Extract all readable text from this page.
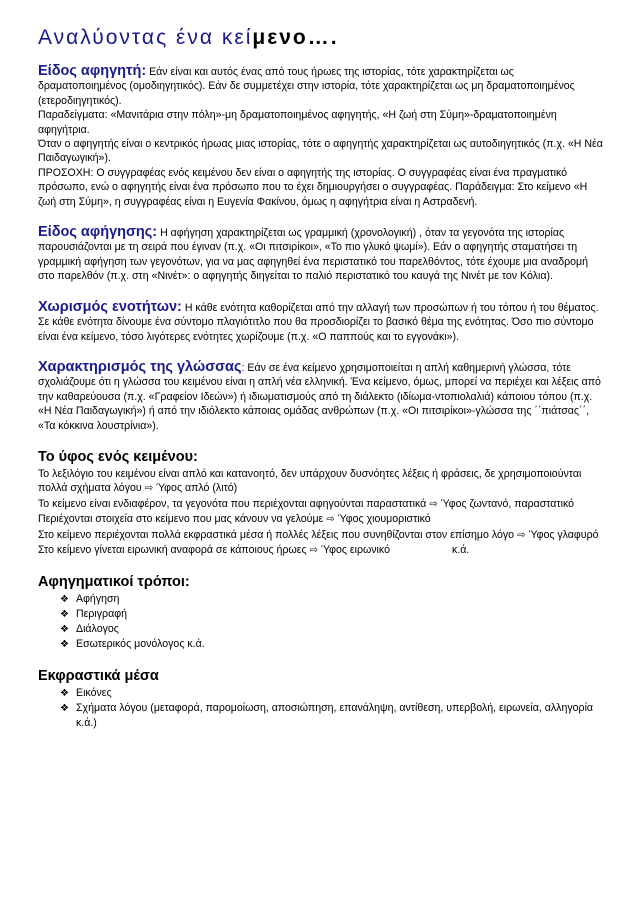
Αναλύοντας ένα κείμενο….

Είδος αφηγητή: Εάν είναι και αυτός ένας από τους ήρωες της ιστορίας, τότε χαρακτηρίζεται ως δραματοποιημένος (ομοδιηγητικός). Εάν δε συμμετέχει στην ιστορία, τότε χαρακτηρίζεται ως μη δραματοποιημένος (ετεροδιηγητικός).

Παραδείγματα: «Μανιτάρια στην πόλη»-μη δραματοποιημένος αφηγητής, «Η ζωή στη Σύμη»-δραματοποιημένη αφηγήτρια.

Όταν ο αφηγητής είναι ο κεντρικός ήρωας μιας ιστορίας, τότε ο αφηγητής χαρακτηρίζεται ως αυτοδιηγητικός (π.χ. «Η Νέα Παιδαγωγική»).

ΠΡΟΣΟΧΗ: Ο συγγραφέας ενός κειμένου δεν είναι ο αφηγητής της ιστορίας. Ο συγγραφέας είναι ένα πραγματικό πρόσωπο, ενώ ο αφηγητής είναι ένα πρόσωπο που το έχει δημιουργήσει ο συγγραφέας. Παράδειγμα: Στο κείμενο «Η ζωή στη Σύμη», η συγγραφέας είναι η Ευγενία Φακίνου, όμως η αφηγήτρια είναι η Αστραδενή.

Είδος αφήγησης: Η αφήγηση χαρακτηρίζεται ως γραμμική (χρονολογική) , όταν τα γεγονότα της ιστορίας παρουσιάζονται με τη σειρά που έγιναν (π.χ. «Οι πιτσιρίκοι», «Το πιο γλυκό ψωμί»). Εάν ο αφηγητής σταματήσει τη γραμμική αφήγηση των γεγονότων, για να μας αφηγηθεί ένα περιστατικό του παρελθόντος, τότε έχουμε μια αναδρομή στο παρελθόν (π.χ. στη «Νινέτ»: ο αφηγητής διηγείται το παλιό περιστατικό του καυγά της Νινέτ με τον Κόλια).

Χωρισμός ενοτήτων: Η κάθε ενότητα καθορίζεται από την αλλαγή των προσώπων ή του τόπου ή του θέματος. Σε κάθε ενότητα δίνουμε ένα σύντομο πλαγιότιτλο που θα προσδιορίζει το βασικό θέμα της ενότητας. Όσο πιο σύντομο είναι ένα κείμενο, τόσο λιγότερες ενότητες χωρίζουμε (π.χ. «Ο παππούς και το εγγονάκι»).

Χαρακτηρισμός της γλώσσας: Εάν σε ένα κείμενο χρησιμοποιείται η απλή καθημερινή γλώσσα, τότε σχολιάζουμε ότι η γλώσσα του κειμένου είναι η απλή νέα ελληνική. Ένα κείμενο, όμως, μπορεί να περιέχει και λέξεις από την καθαρεύουσα (π.χ. «Γραφείον Ιδεών») ή ιδιωματισμούς από τη διάλεκτο (ιδίωμα-ντοπιολαλιά) κάποιου τόπου (π.χ. «Η Νέα Παιδαγωγική») ή από την ιδιόλεκτο κάποιας ομάδας ανθρώπων (π.χ. «Οι πιτσιρίκοι»-γλώσσα της ΄΄πιάτσας΄΄, «Τα κόκκινα λουστρίνια»).

Το ύφος ενός κειμένου:

Το λεξιλόγιο του κειμένου είναι απλό και κατανοητό, δεν υπάρχουν δυσνόητες λέξεις ή φράσεις, δε χρησιμοποιούνται πολλά σχήματα λόγου ⇨ Ύφος απλό (λιτό)

Το κείμενο είναι ενδιαφέρον, τα γεγονότα που περιέχονται αφηγούνται παραστατικά ⇨ Ύφος ζωντανό, παραστατικό

Περιέχονται στοιχεία στο κείμενο που μας κάνουν να γελούμε ⇨ Ύφος χιουμοριστικό

Στο κείμενο περιέχονται πολλά εκφραστικά μέσα ή πολλές λέξεις που συνηθίζονται στον επίσημο λόγο ⇨ Ύφος γλαφυρό

Στο κείμενο γίνεται ειρωνική αναφορά σε κάποιους ήρωες ⇨ Ύφος ειρωνικό	κ.ά.

Αφηγηματικοί τρόποι:
❖ Αφήγηση
❖ Περιγραφή
❖ Διάλογος
❖ Εσωτερικός μονόλογος κ.ά.
Εκφραστικά μέσα
❖ Εικόνες
❖ Σχήματα λόγου (μεταφορά, παρομοίωση, αποσιώπηση, επανάληψη, αντίθεση, υπερβολή, ειρωνεία, αλληγορία κ.ά.)
